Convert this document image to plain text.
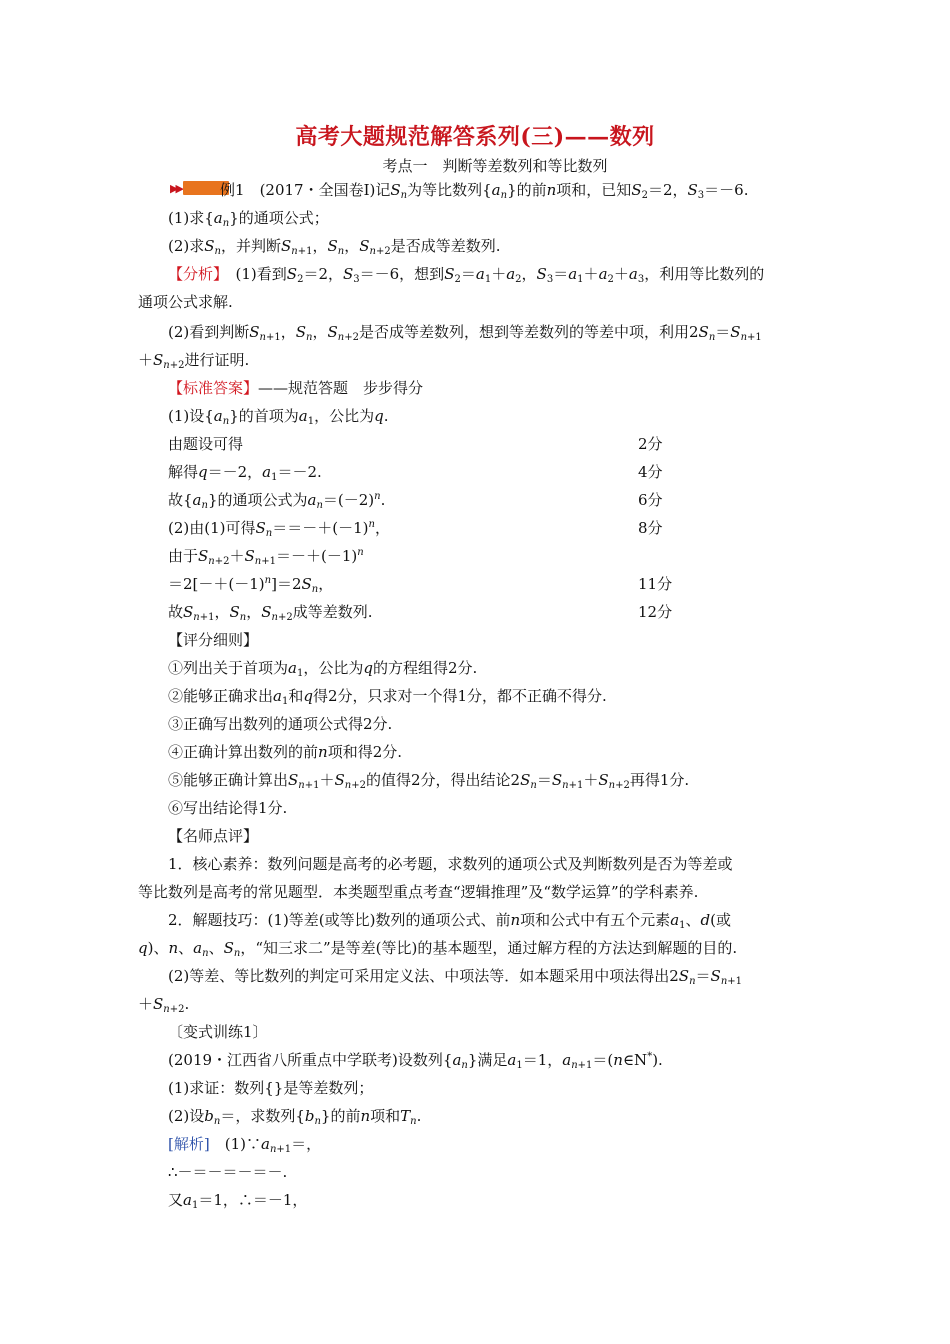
高考大题规范解答系列(三)——数列
考点一　判断等差数列和等比数列
▶▶	例1　 (2017・全国卷Ⅰ)记$S_n$为等比数列$\{a_n\}$的前n项和，已知$S_2=2$，$S_3=-6$.
(1)求$\{a_n\}$的通项公式；
(2)求$S_n$，并判断$S_{n+1}$，$S_n$，$S_{n+2}$是否成等差数列.
【分析】　 (1)看到$S_2=2$，$S_3=-6$，想到$S_2=a_1+a_2$，$S_3=a_1+a_2+a_3$，利用等比数列的
通项公式求解.
(2)看到判断$S_{n+1}$，$S_n$，$S_{n+2}$是否成等差数列，想到等差数列的等差中项，利用$2S_n=S_{n+1}$
$+S_{n+2}$进行证明.
【标准答案】——规范答题　步步得分
(1)设$\{a_n\}$的首项为$a_1$，公比为q.
由题设可得	2分
解得q＝－2，$a_1=-2$.	4分
故$\{a_n\}$的通项公式为$a_n=(-2)^n$.	6分
(2)由(1)可得$S_n==-+(-1)^n$，	8分
由于$S_{n+2}+S_{n+1}=-+(-1)^n$
$=2[-+(-1)^n]=2S_n$，	11分
故$S_{n+1}$，$S_n$，$S_{n+2}$成等差数列.	12分
【评分细则】
①列出关于首项为$a_1$，公比为q的方程组得2分.
②能够正确求出$a_1$和q得2分，只求对一个得1分，都不正确不得分.
③正确写出数列的通项公式得2分.
④正确计算出数列的前n项和得2分.
⑤能够正确计算出$S_{n+1}+S_{n+2}$的值得2分，得出结论$2S_n=S_{n+1}+S_{n+2}$再得1分.
⑥写出结论得1分.
【名师点评】
1．核心素养：数列问题是高考的必考题，求数列的通项公式及判断数列是否为等差或
等比数列是高考的常见题型．本类题型重点考查“逻辑推理”及“数学运算”的学科素养.
2．解题技巧：(1)等差(或等比)数列的通项公式、前n项和公式中有五个元素$a_1$、d(或
q)、n、$a_n$、$S_n$，“知三求二”是等差(等比)的基本题型，通过解方程的方法达到解题的目的.
(2)等差、等比数列的判定可采用定义法、中项法等．如本题采用中项法得出$2S_n=S_{n+1}$
$+S_{n+2}$.
〔变式训练1〕
(2019・江西省八所重点中学联考)设数列$\{a_n\}$满足$a_1=1$，$a_{n+1}=(n\in N^*)$.
(1)求证：数列{}是等差数列；
(2)设$b_n=$，求数列$\{b_n\}$的前n项和$T_n$.
[解析]　 $(1)\because a_{n+1}=$，
∴－＝－＝－＝－.
又$a_1=1$，∴＝－1，
